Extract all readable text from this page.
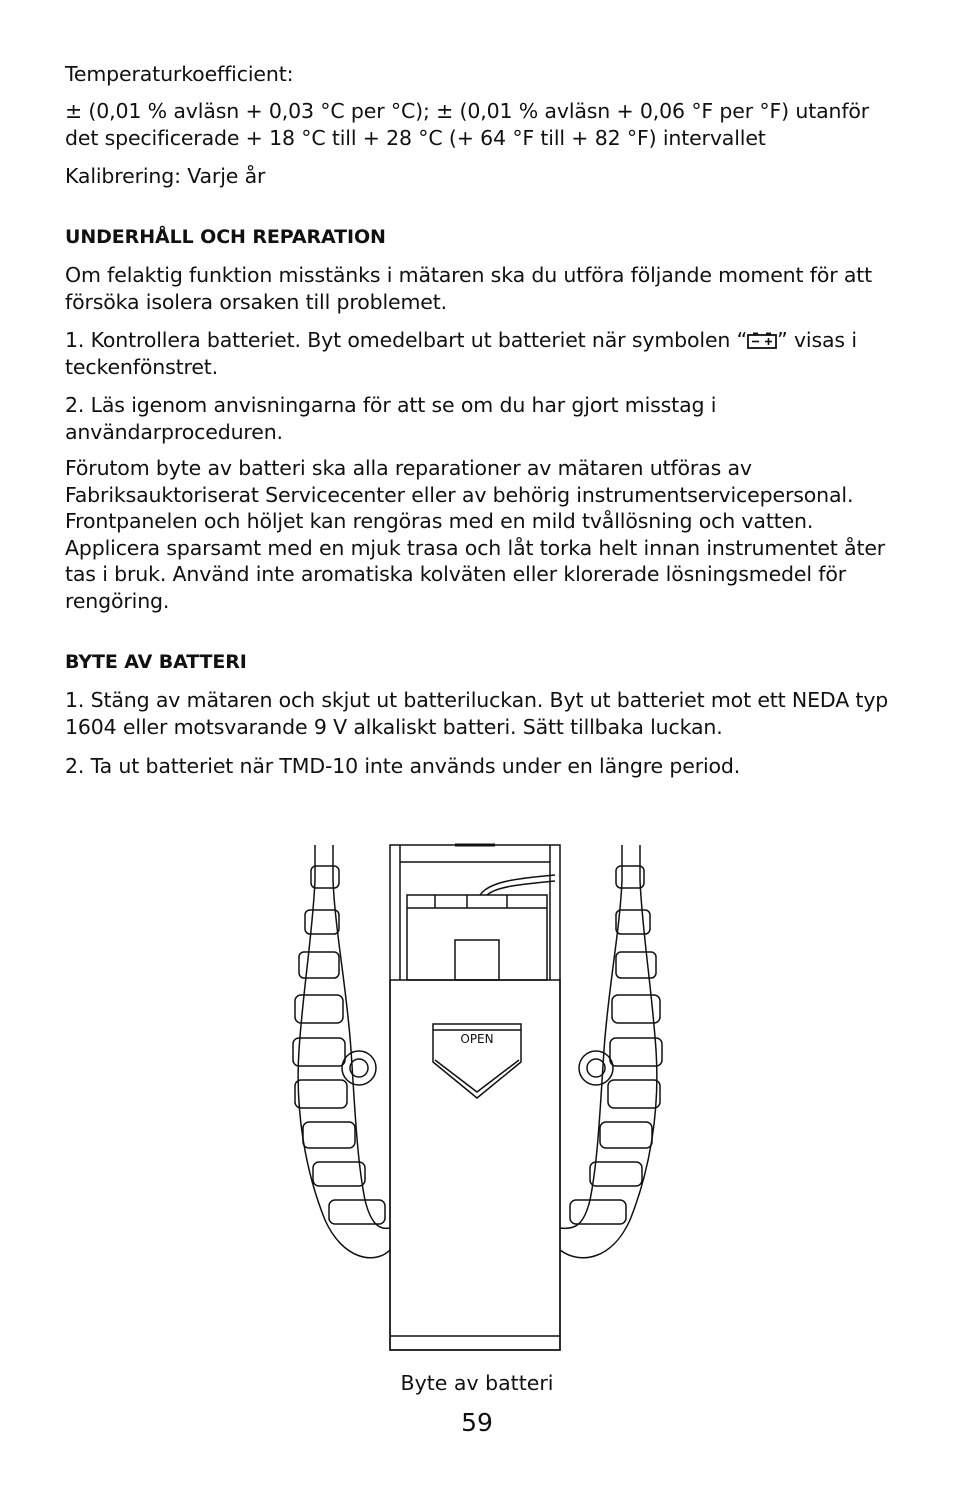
Temperaturkoefficient:

± (0,01 % avläsn + 0,03 °C per °C); ± (0,01 % avläsn + 0,06 °F per °F) utanför det specificerade + 18 °C till + 28 °C (+ 64 °F till + 82 °F) intervallet

Kalibrering: Varje år

UNDERHÅLL OCH REPARATION

Om felaktig funktion misstänks i mätaren ska du utföra följande moment för att försöka isolera orsaken till problemet.

1. Kontrollera batteriet. Byt omedelbart ut batteriet när symbolen “ ” visas i teckenfönstret.

2. Läs igenom anvisningarna för att se om du har gjort misstag i användarproceduren.

Förutom byte av batteri ska alla reparationer av mätaren utföras av Fabriksauktoriserat Servicecenter eller av behörig instrumentservicepersonal. Frontpanelen och höljet kan rengöras med en mild tvållösning och vatten. Applicera sparsamt med en mjuk trasa och låt torka helt innan instrumentet åter tas i bruk. Använd inte aromatiska kolväten eller klorerade lösningsmedel för rengöring.

BYTE AV BATTERI

1. Stäng av mätaren och skjut ut batteriluckan. Byt ut batteriet mot ett NEDA typ 1604 eller motsvarande 9 V alkaliskt batteri. Sätt tillbaka luckan.

2. Ta ut batteriet när TMD-10 inte används under en längre period.

OPEN
Byte av batteri
59
